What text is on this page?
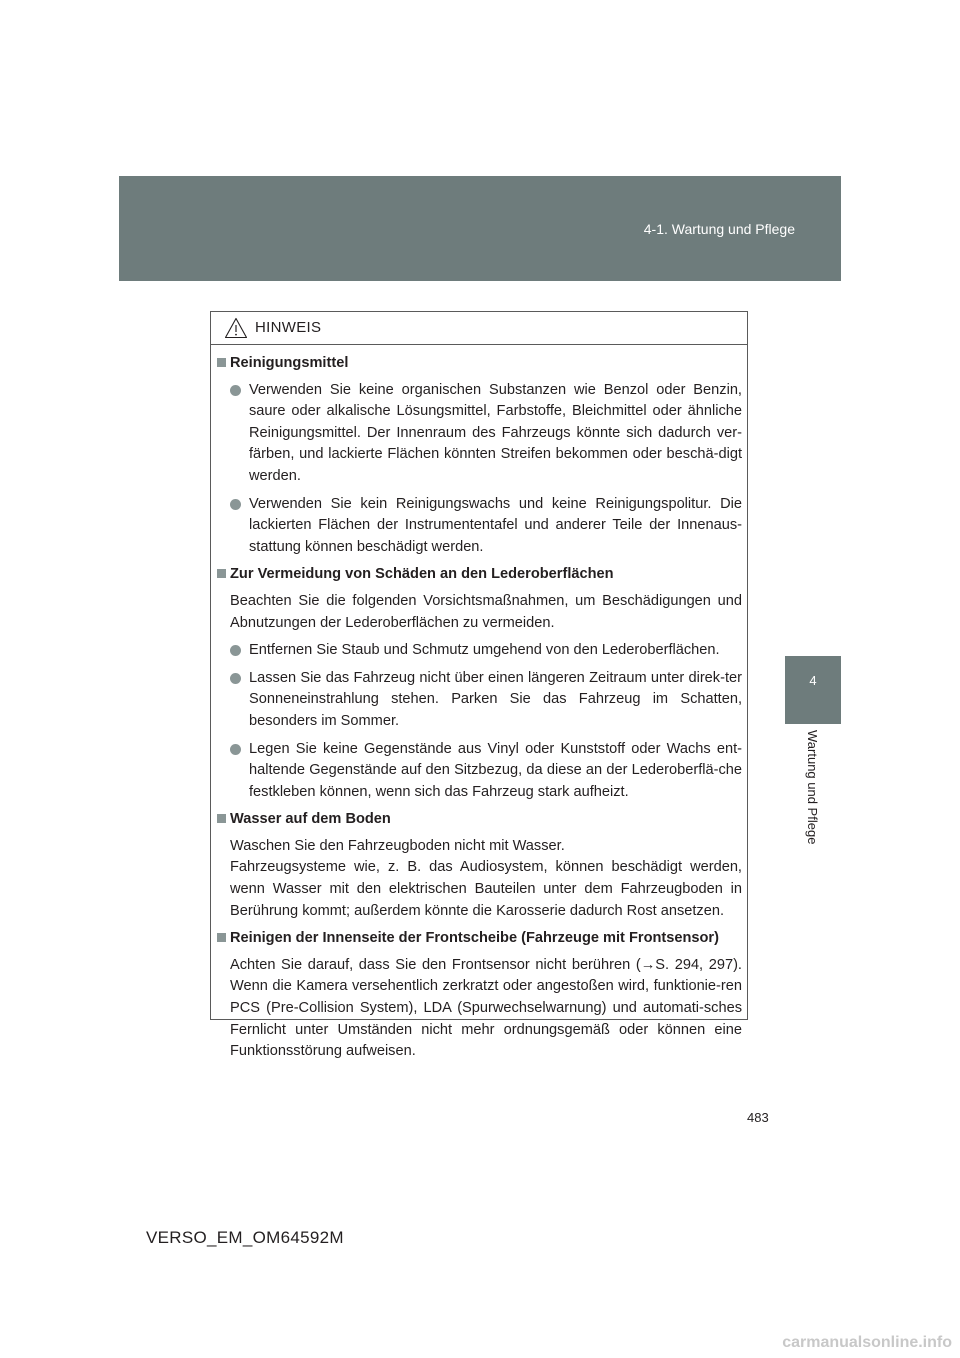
4-1. Wartung und Pflege
4
Wartung und Pflege
HINWEIS
Reinigungsmittel
Verwenden Sie keine organischen Substanzen wie Benzol oder Benzin, saure oder alkalische Lösungsmittel, Farbstoffe, Bleichmittel oder ähnliche Reinigungsmittel. Der Innenraum des Fahrzeugs könnte sich dadurch ver-färben, und lackierte Flächen könnten Streifen bekommen oder beschä-digt werden.
Verwenden Sie kein Reinigungswachs und keine Reinigungspolitur. Die lackierten Flächen der Instrumententafel und anderer Teile der Innenaus-stattung können beschädigt werden.
Zur Vermeidung von Schäden an den Lederoberflächen
Beachten Sie die folgenden Vorsichtsmaßnahmen, um Beschädigungen und Abnutzungen der Lederoberflächen zu vermeiden.
Entfernen Sie Staub und Schmutz umgehend von den Lederoberflächen.
Lassen Sie das Fahrzeug nicht über einen längeren Zeitraum unter direk-ter Sonneneinstrahlung stehen. Parken Sie das Fahrzeug im Schatten, besonders im Sommer.
Legen Sie keine Gegenstände aus Vinyl oder Kunststoff oder Wachs ent-haltende Gegenstände auf den Sitzbezug, da diese an der Lederoberflä-che festkleben können, wenn sich das Fahrzeug stark aufheizt.
Wasser auf dem Boden
Waschen Sie den Fahrzeugboden nicht mit Wasser.
Fahrzeugsysteme wie, z. B. das Audiosystem, können beschädigt werden, wenn Wasser mit den elektrischen Bauteilen unter dem Fahrzeugboden in Berührung kommt; außerdem könnte die Karosserie dadurch Rost ansetzen.
Reinigen der Innenseite der Frontscheibe (Fahrzeuge mit Frontsensor)
Achten Sie darauf, dass Sie den Frontsensor nicht berühren (→S. 294, 297). Wenn die Kamera versehentlich zerkratzt oder angestoßen wird, funktionie-ren PCS (Pre-Collision System), LDA (Spurwechselwarnung) und automati-sches Fernlicht unter Umständen nicht mehr ordnungsgemäß oder können eine Funktionsstörung aufweisen.
483
VERSO_EM_OM64592M
carmanualsonline.info
